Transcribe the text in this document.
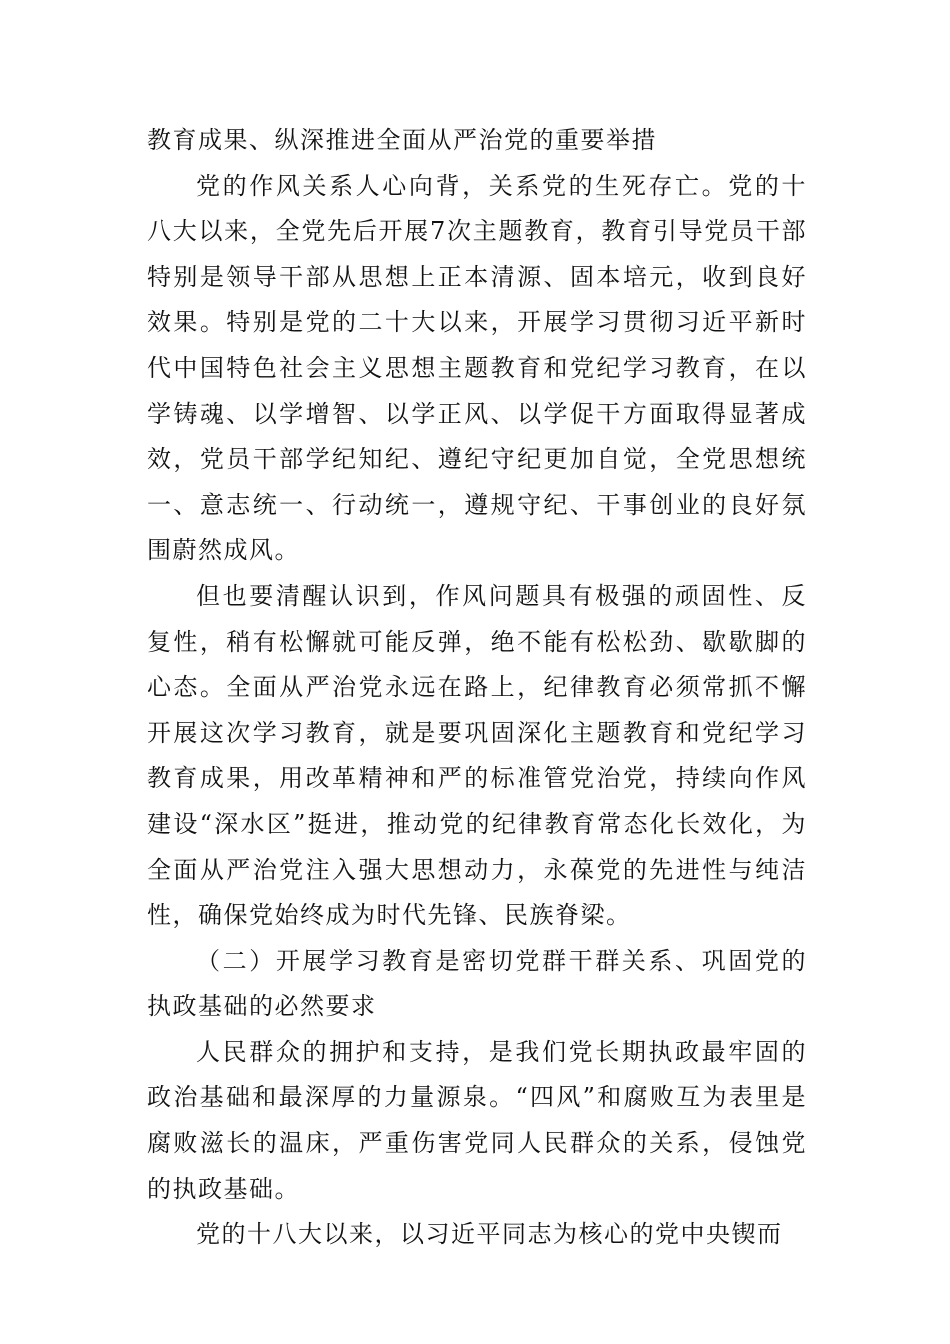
教育成果、纵深推进全面从严治党的重要举措

党的作风关系人心向背，关系党的生死存亡。党的十八大以来，全党先后开展7次主题教育，教育引导党员干部特别是领导干部从思想上正本清源、固本培元，收到良好效果。特别是党的二十大以来，开展学习贯彻习近平新时代中国特色社会主义思想主题教育和党纪学习教育，在以学铸魂、以学增智、以学正风、以学促干方面取得显著成效，党员干部学纪知纪、遵纪守纪更加自觉，全党思想统一、意志统一、行动统一，遵规守纪、干事创业的良好氛围蔚然成风。

但也要清醒认识到，作风问题具有极强的顽固性、反复性，稍有松懈就可能反弹，绝不能有松松劲、歇歇脚的心态。全面从严治党永远在路上，纪律教育必须常抓不懈开展这次学习教育，就是要巩固深化主题教育和党纪学习教育成果，用改革精神和严的标准管党治党，持续向作风建设“深水区”挺进，推动党的纪律教育常态化长效化，为全面从严治党注入强大思想动力，永葆党的先进性与纯洁性，确保党始终成为时代先锋、民族脊梁。

（二）开展学习教育是密切党群干群关系、巩固党的执政基础的必然要求

人民群众的拥护和支持，是我们党长期执政最牢固的政治基础和最深厚的力量源泉。“四风”和腐败互为表里是腐败滋长的温床，严重伤害党同人民群众的关系，侵蚀党的执政基础。

党的十八大以来，以习近平同志为核心的党中央锲而
